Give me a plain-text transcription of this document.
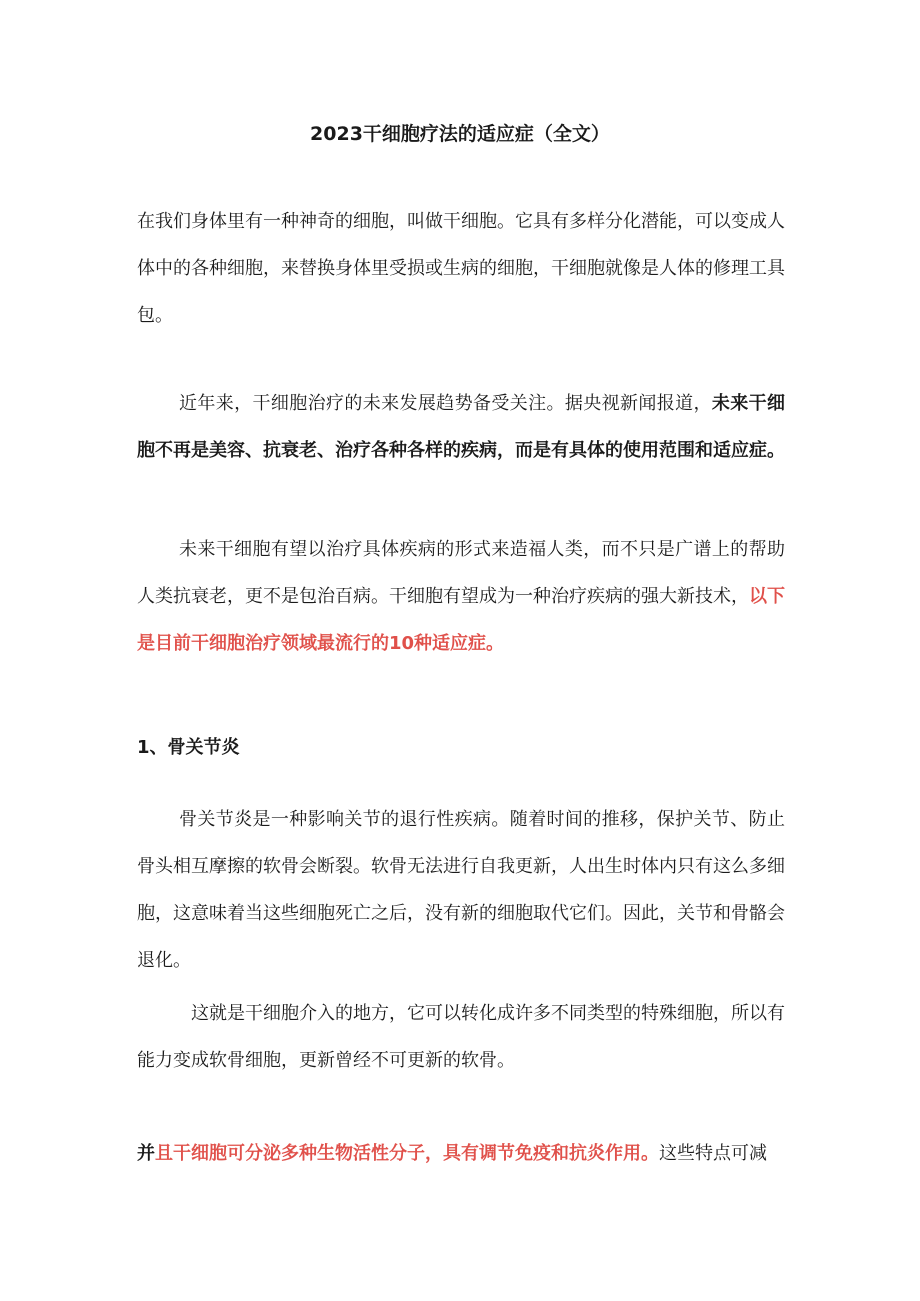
2023干细胞疗法的适应症（全文）
在我们身体里有一种神奇的细胞，叫做干细胞。它具有多样分化潜能，可以变成人体中的各种细胞，来替换身体里受损或生病的细胞，干细胞就像是人体的修理工具包。
近年来，干细胞治疗的未来发展趋势备受关注。据央视新闻报道，未来干细胞不再是美容、抗衰老、治疗各种各样的疾病，而是有具体的使用范围和适应症。
未来干细胞有望以治疗具体疾病的形式来造福人类，而不只是广谱上的帮助人类抗衰老，更不是包治百病。干细胞有望成为一种治疗疾病的强大新技术，以下是目前干细胞治疗领域最流行的10种适应症。
1、骨关节炎
骨关节炎是一种影响关节的退行性疾病。随着时间的推移，保护关节、防止骨头相互摩擦的软骨会断裂。软骨无法进行自我更新，人出生时体内只有这么多细胞，这意味着当这些细胞死亡之后，没有新的细胞取代它们。因此，关节和骨骼会退化。
这就是干细胞介入的地方，它可以转化成许多不同类型的特殊细胞，所以有能力变成软骨细胞，更新曾经不可更新的软骨。
并且干细胞可分泌多种生物活性分子，具有调节免疫和抗炎作用。这些特点可减
